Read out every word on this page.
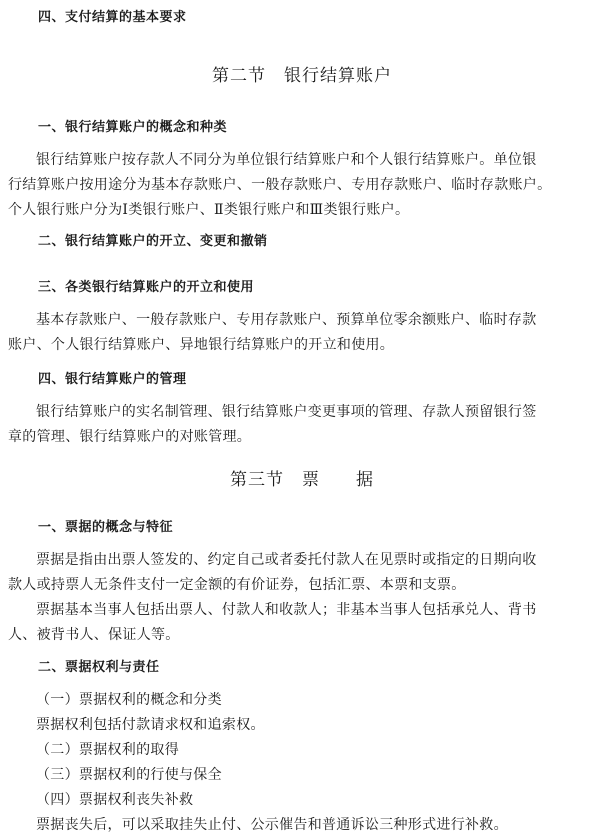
四、支付结算的基本要求
第二节　银行结算账户
一、银行结算账户的概念和种类
银行结算账户按存款人不同分为单位银行结算账户和个人银行结算账户。单位银
行结算账户按用途分为基本存款账户、一般存款账户、专用存款账户、临时存款账户。
个人银行账户分为Ⅰ类银行账户、Ⅱ类银行账户和Ⅲ类银行账户。
二、银行结算账户的开立、变更和撤销
三、各类银行结算账户的开立和使用
基本存款账户、一般存款账户、专用存款账户、预算单位零余额账户、临时存款
账户、个人银行结算账户、异地银行结算账户的开立和使用。
四、银行结算账户的管理
银行结算账户的实名制管理、银行结算账户变更事项的管理、存款人预留银行签
章的管理、银行结算账户的对账管理。
第三节　票　　据
一、票据的概念与特征
票据是指由出票人签发的、约定自己或者委托付款人在见票时或指定的日期向收
款人或持票人无条件支付一定金额的有价证券，包括汇票、本票和支票。
票据基本当事人包括出票人、付款人和收款人；非基本当事人包括承兑人、背书
人、被背书人、保证人等。
二、票据权利与责任
（一）票据权利的概念和分类
票据权利包括付款请求权和追索权。
（二）票据权利的取得
（三）票据权利的行使与保全
（四）票据权利丧失补救
票据丧失后，可以采取挂失止付、公示催告和普通诉讼三种形式进行补救。
